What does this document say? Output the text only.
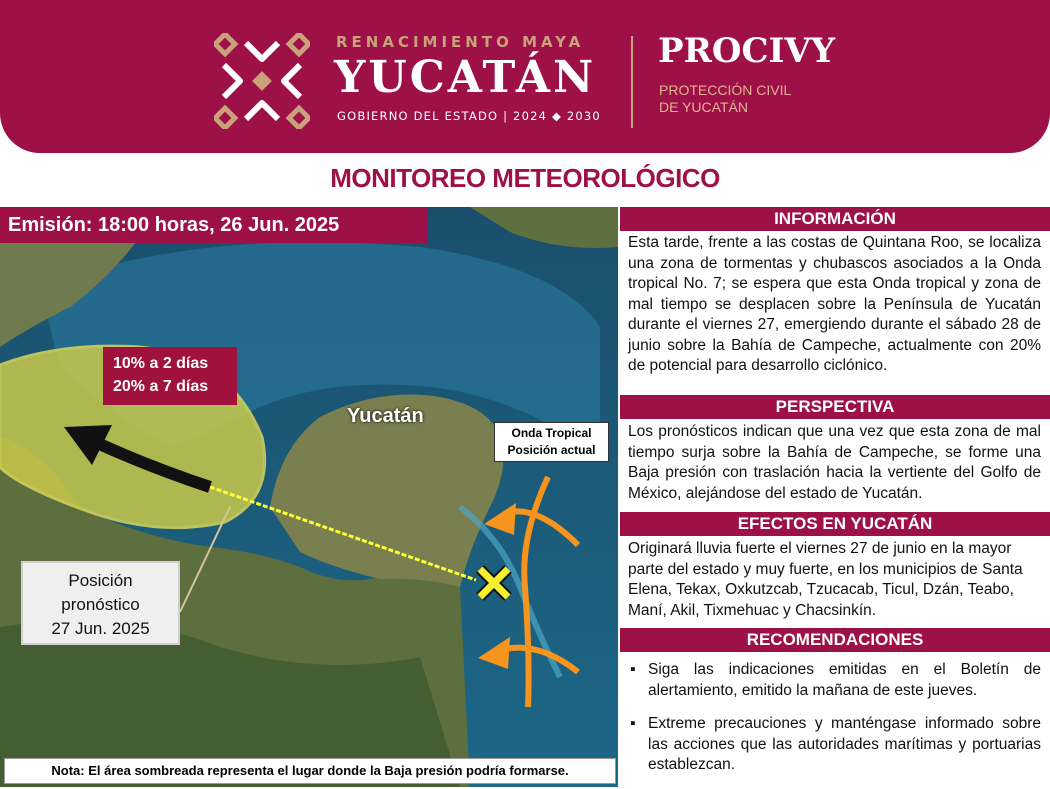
RENACIMIENTO MAYA
YUCATÁN
GOBIERNO DEL ESTADO | 2024 ◆ 2030
PROCIVY
PROTECCIÓN CIVIL
DE YUCATÁN
MONITOREO METEOROLÓGICO
Emisión: 18:00 horas, 26 Jun. 2025
10% a 2 días
20% a 7 días
Yucatán
Onda Tropical
Posición actual
Posición
pronóstico
27 Jun. 2025
Nota: El área sombreada representa el lugar donde la Baja presión podría formarse.
INFORMACIÓN
Esta tarde, frente a las costas de Quintana Roo, se localiza una zona de tormentas y chubascos asociados a la Onda tropical No. 7; se espera que esta Onda tropical y zona de mal tiempo se desplacen sobre la Península de Yucatán durante el viernes 27, emergiendo durante el sábado 28 de junio sobre la Bahía de Campeche, actualmente con 20% de potencial para desarrollo ciclónico.
PERSPECTIVA
Los pronósticos indican que una vez que esta zona de mal tiempo surja sobre la Bahía de Campeche, se forme una Baja presión con traslación hacia la vertiente del Golfo de México, alejándose del estado de Yucatán.
EFECTOS EN YUCATÁN
Originará lluvia fuerte el viernes 27 de junio en la mayor parte del estado y muy fuerte, en los municipios de Santa Elena, Tekax, Oxkutzcab, Tzucacab, Ticul, Dzán, Teabo, Maní, Akil, Tixmehuac y Chacsinkín.
RECOMENDACIONES
▪ Siga las indicaciones emitidas en el Boletín de alertamiento, emitido la mañana de este jueves.
▪ Extreme precauciones y manténgase informado sobre las acciones que las autoridades marítimas y portuarias establezcan.
